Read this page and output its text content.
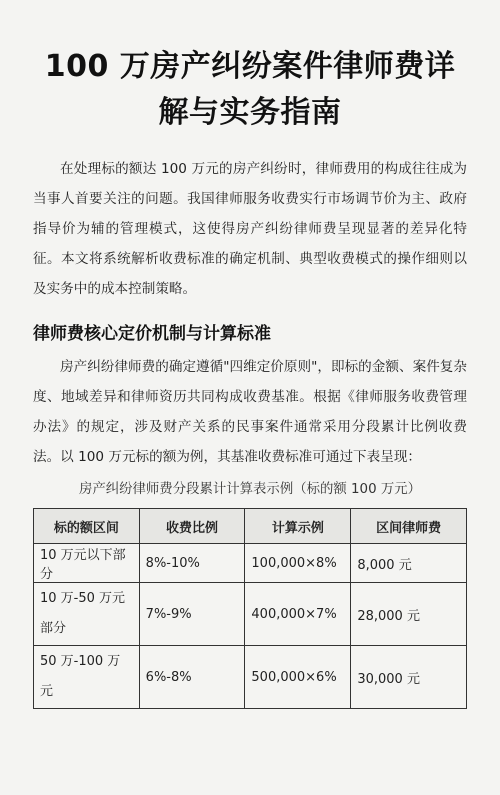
100 万房产纠纷案件律师费详解与实务指南

在处理标的额达 100 万元的房产纠纷时，律师费用的构成往往成为当事人首要关注的问题。我国律师服务收费实行市场调节价为主、政府指导价为辅的管理模式，这使得房产纠纷律师费呈现显著的差异化特征。本文将系统解析收费标准的确定机制、典型收费模式的操作细则以及实务中的成本控制策略。

律师费核心定价机制与计算标准

房产纠纷律师费的确定遵循"四维定价原则"，即标的金额、案件复杂度、地域差异和律师资历共同构成收费基准。根据《律师服务收费管理办法》的规定，涉及财产关系的民事案件通常采用分段累计比例收费法。以 100 万元标的额为例，其基准收费标准可通过下表呈现：

房产纠纷律师费分段累计计算表示例（标的额 100 万元）
标的额区间	收费比例	计算示例	区间律师费
10 万元以下部分	8%-10%	100,000×8%	8,000 元
10 万-50 万元部分	7%-9%	400,000×7%	28,000 元
50 万-100 万元	6%-8%	500,000×6%	30,000 元
